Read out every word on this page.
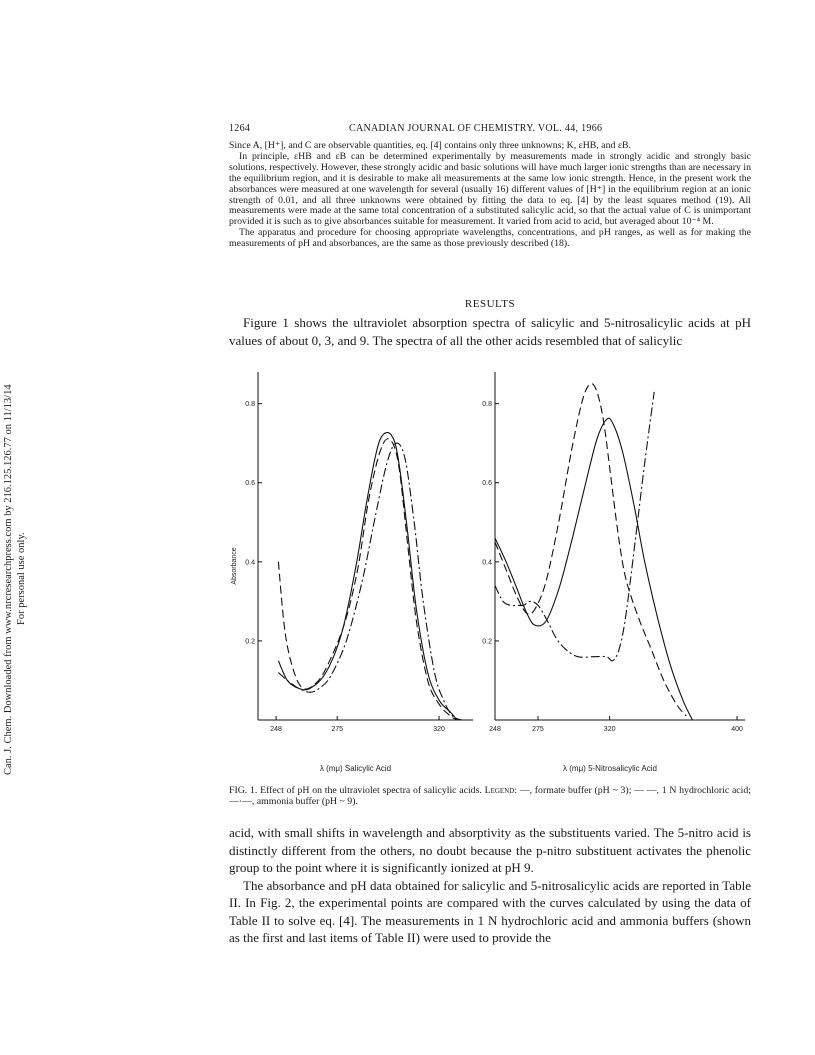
Can. J. Chem. Downloaded from www.nrcresearchpress.com by 216.125.126.77 on 11/13/14 For personal use only.
1264	CANADIAN JOURNAL OF CHEMISTRY. VOL. 44, 1966

Since A, [H⁺], and C are observable quantities, eq. [4] contains only three unknowns; K, εHB, and εB.

In principle, εHB and εB can be determined experimentally by measurements made in strongly acidic and strongly basic solutions, respectively. However, these strongly acidic and basic solutions will have much larger ionic strengths than are necessary in the equilibrium region, and it is desirable to make all measurements at the same low ionic strength. Hence, in the present work the absorbances were measured at one wavelength for several (usually 16) different values of [H⁺] in the equilibrium region at an ionic strength of 0.01, and all three unknowns were obtained by fitting the data to eq. [4] by the least squares method (19). All measurements were made at the same total concentration of a substituted salicylic acid, so that the actual value of C is unimportant provided it is such as to give absorbances suitable for measurement. It varied from acid to acid, but averaged about 10⁻⁴ M.

The apparatus and procedure for choosing appropriate wavelengths, concentrations, and pH ranges, as well as for making the measurements of pH and absorbances, are the same as those previously described (18).

RESULTS

Figure 1 shows the ultraviolet absorption spectra of salicylic and 5-nitrosalicylic acids at pH values of about 0, 3, and 9. The spectra of all the other acids resembled that of salicylic

0.2
0.4
0.6
0.8
248	275	320
Absorbance
λ (mμ) Salicylic Acid
0.2
0.4
0.6
0.8
248	275	320	400
λ (mμ) 5-Nitrosalicylic Acid
FIG. 1. Effect of pH on the ultraviolet spectra of salicylic acids. Legend: —, formate buffer (pH ~ 3); — —, 1 N hydrochloric acid; —·—, ammonia buffer (pH ~ 9).

acid, with small shifts in wavelength and absorptivity as the substituents varied. The 5-nitro acid is distinctly different from the others, no doubt because the p-nitro substituent activates the phenolic group to the point where it is significantly ionized at pH 9.

The absorbance and pH data obtained for salicylic and 5-nitrosalicylic acids are reported in Table II. In Fig. 2, the experimental points are compared with the curves calculated by using the data of Table II to solve eq. [4]. The measurements in 1 N hydrochloric acid and ammonia buffers (shown as the first and last items of Table II) were used to provide the
